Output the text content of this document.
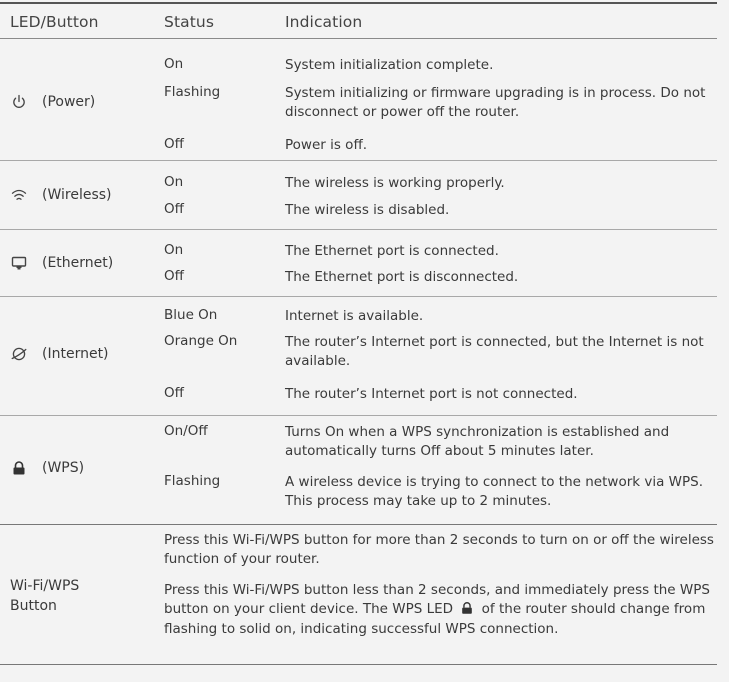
LED/Button	Status	Indication
(Power)
On	System initialization complete.
Flashing	System initializing or firmware upgrading is in process. Do not disconnect or power off the router.
Off	Power is off.
(Wireless)
On	The wireless is working properly.
Off	The wireless is disabled.
(Ethernet)
On	The Ethernet port is connected.
Off	The Ethernet port is disconnected.
(Internet)
Blue On	Internet is available.
Orange On	The router’s Internet port is connected, but the Internet is not available.
Off	The router’s Internet port is not connected.
(WPS)
On/Off	Turns On when a WPS synchronization is established and automatically turns Off about 5 minutes later.
Flashing	A wireless device is trying to connect to the network via WPS. This process may take up to 2 minutes.
Wi-Fi/WPS Button
Press this Wi-Fi/WPS button for more than 2 seconds to turn on or off the wireless function of your router.
Press this Wi-Fi/WPS button less than 2 seconds, and immediately press the WPS button on your client device. The WPS LED of the router should change from flashing to solid on, indicating successful WPS connection.
